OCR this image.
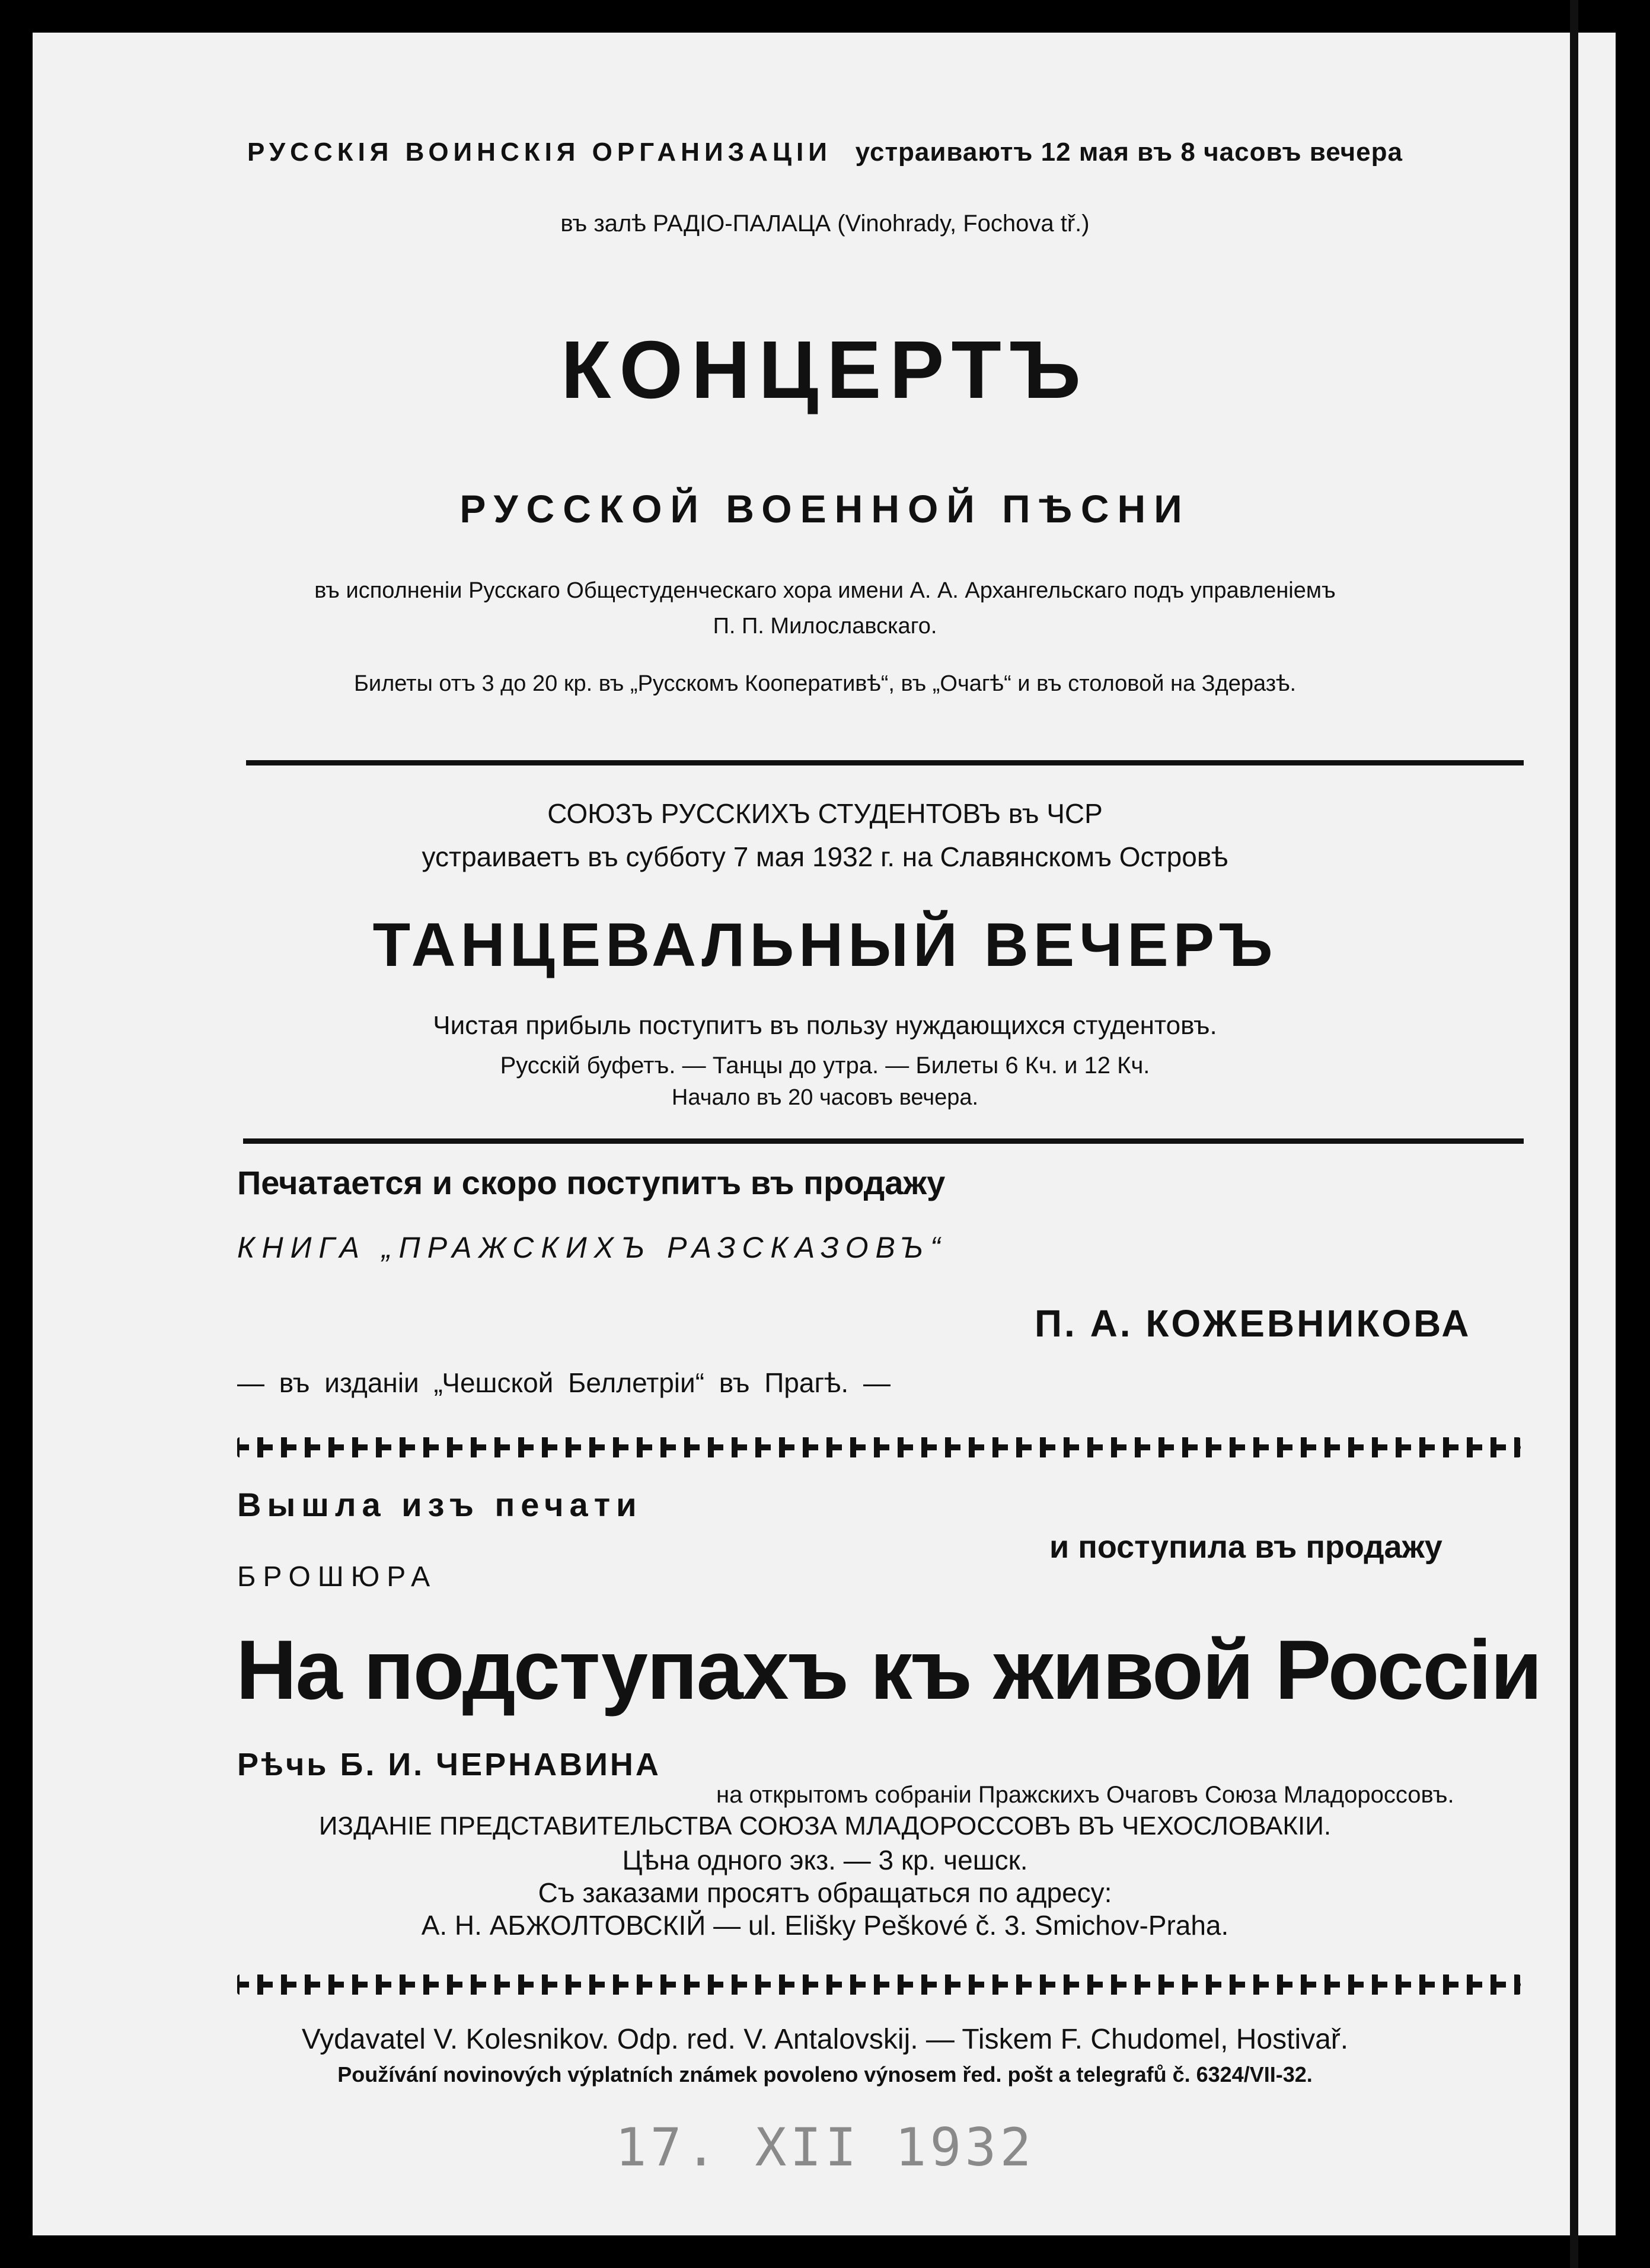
РУССКІЯ ВОИНСКІЯ ОРГАНИЗАЦІИ устраиваютъ 12 мая въ 8 часовъ вечера
въ залѣ РАДІО-ПАЛАЦА (Vinohrady, Fochova tř.)
КОНЦЕРТЪ
РУССКОЙ ВОЕННОЙ ПѢСНИ
въ исполненіи Русскаго Общестуденческаго хора имени А. А. Архангельскаго подъ управленіемъ
П. П. Милославскаго.
Билеты отъ 3 до 20 кр. въ „Русскомъ Кооперативѣ“, въ „Очагѣ“ и въ столовой на Здеразѣ.
СОЮЗЪ РУССКИХЪ СТУДЕНТОВЪ въ ЧСР
устраиваетъ въ субботу 7 мая 1932 г. на Славянскомъ Островѣ
ТАНЦЕВАЛЬНЫЙ ВЕЧЕРЪ
Чистая прибыль поступитъ въ пользу нуждающихся студентовъ.
Русскій буфетъ. — Танцы до утра. — Билеты 6 Кч. и 12 Кч.
Начало въ 20 часовъ вечера.
Печатается и скоро поступитъ въ продажу
КНИГА „ПРАЖСКИХЪ РАЗСКАЗОВЪ“
П. А. КОЖЕВНИКОВА
— въ изданіи „Чешской Беллетріи“ въ Прагѣ. —
Вышла изъ печати
и поступила въ продажу
БРОШЮРА
На подступахъ къ живой Россіи
Рѣчь Б. И. ЧЕРНАВИНА
на открытомъ собраніи Пражскихъ Очаговъ Союза Младороссовъ.
ИЗДАНІЕ ПРЕДСТАВИТЕЛЬСТВА СОЮЗА МЛАДОРОССОВЪ ВЪ ЧЕХОСЛОВАКІИ.
Цѣна одного экз. — 3 кр. чешск.
Съ заказами просятъ обращаться по адресу:
А. Н. АБЖОЛТОВСКІЙ — ul. Elišky Peškové č. 3. Smichov-Praha.
Vydavatel V. Kolesnikov. Odp. red. V. Antalovskij. — Tiskem F. Chudomel, Hostivař.
Používání novinových výplatních známek povoleno výnosem řed. pošt a telegrafů č. 6324/VII-32.
17. XII 1932
